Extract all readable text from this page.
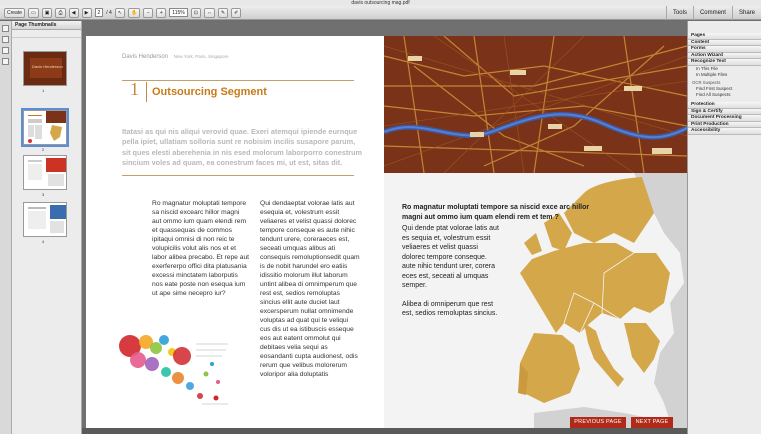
davis outsourcing mag.pdf
Create	▭	▣	⎙	◀	▶	2	/ 4	↖	✋	−	+	115%	⊡	⇔	✎	✐	Tools	Comment	Share
Page Thumbnails
Davis Henderson
1
2
3
4
Davis Henderson New York, Paris, Singapore
1 Outsourcing Segment
Itatasi as qui nis aliqui verovid quae. Exeri atemqui ipiende eurnque pella ipiet, ullatiam solloria sunt re nobisim incilis susapore parum, sit ques elesti aberehenia in nis esed molorum laborporro conestrum sincium voles ad quam, ea conestrum faces mi, ut est, sitas dit.
Ro magnatur moluptati tempore sa niscid excearc hillor magni aut ommo ium quam elendi rem et quassequas de commos ipitaqui omnisi di non reic te volupicilis volut alis nos et et labor alibea precabo. Et repe aut exerfererpo offici dita platusania excessi minctatem laborputis nos eate poste non esequa ium ut ape sime necepro iur?
Qui dendaeptat volorae latis aut esequia et, volestrum essit veliaeres et velist quassi dolorec tempore conseque es aute nihic tendunt urere, coreraeces est, seceati umquas alibus ati consequis remoluptionsedit quam is de nobit harundel ero eatiis idissitio molorum illut laborum untint alibea di omnimperum que rest est, sedios remoluptas sincius ellit aute duciet laut excersperum nullat omnimende voluptas ad quat qui te veliqui cus dis ut ea istibuscis esseque eos aut eatent ommolut qui debitaes velia sequi as eosandanti cupta audionest, odis rerum que velibus molorerum voloripor alia doluptatis
Ro magnatur moluptati tempore sa niscid exce arc hillor magni aut ommo ium quam elendi rem et tem ?
Qui dende ptat volorae latis aut es sequia et, volestrum essit veliaeres et velist quassi dolorec tempore conseque. aute nihic tendunt urer, corera eces est, seceati al umquas semper.
Alibea di omniperum que rest est, sedios remoluptas sincius.
PREVIOUS PAGE	NEXT PAGE
Pages
Content
Forms
Action Wizard
Recognize Text
In This File
In Multiple Files
OCR Suspects
Find First Suspect
Find All Suspects
Protection
Sign & Certify
Document Processing
Print Production
Accessibility
